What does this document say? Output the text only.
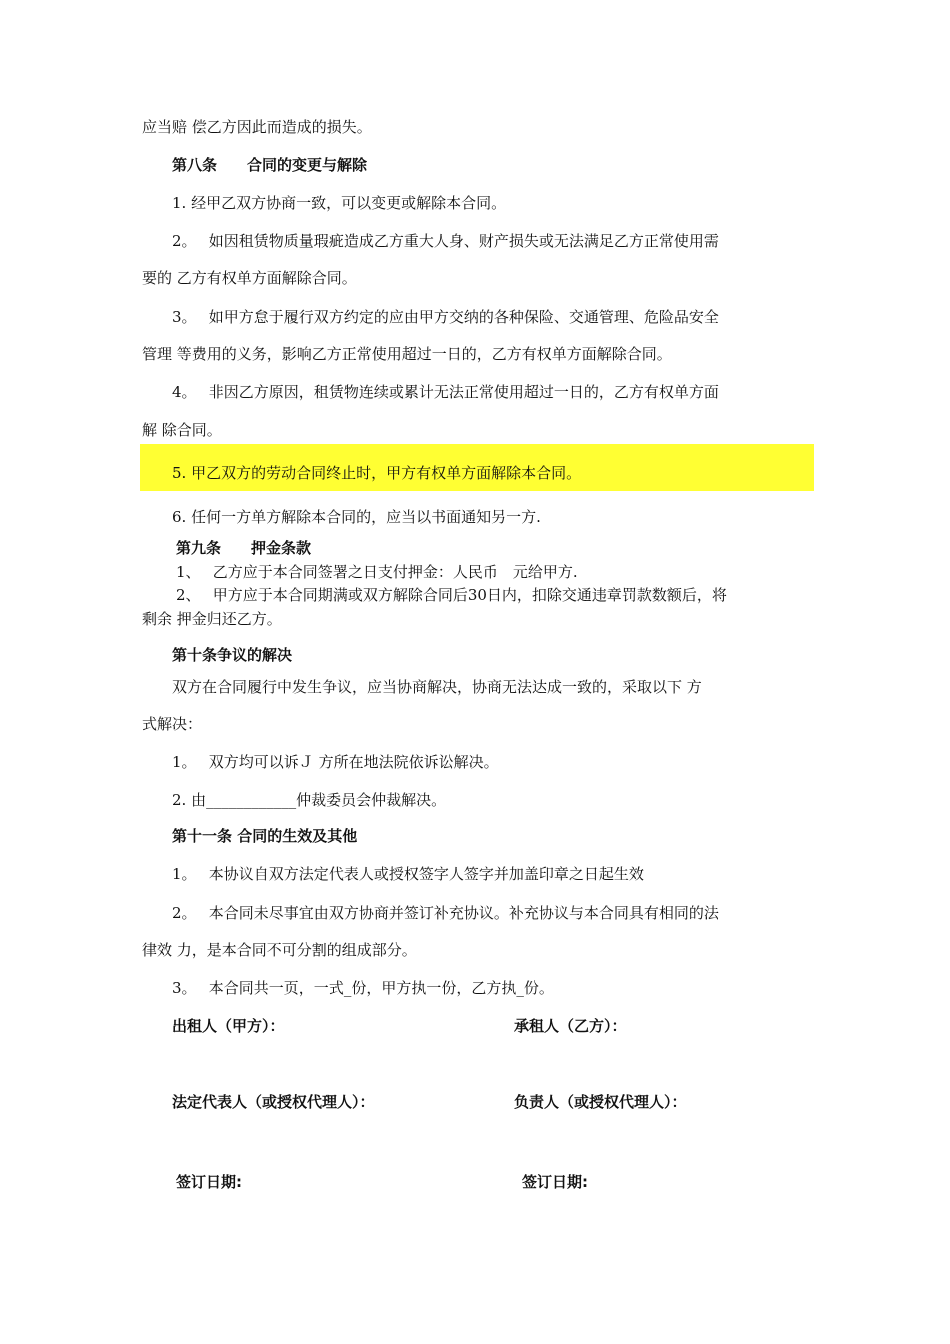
应当赔 偿乙方因此而造成的损失。
第八条　　合同的变更与解除
1. 经甲乙双方协商一致，可以变更或解除本合同。
2。　 如因租赁物质量瑕疵造成乙方重大人身、财产损失或无法满足乙方正常使用需
要的 乙方有权单方面解除合同。
3。　 如甲方怠于履行双方约定的应由甲方交纳的各种保险、交通管理、危险品安全
管理 等费用的义务，影响乙方正常使用超过一日的，乙方有权单方面解除合同。
4。　 非因乙方原因，租赁物连续或累计无法正常使用超过一日的，乙方有权单方面
解 除合同。
5. 甲乙双方的劳动合同终止时，甲方有权单方面解除本合同。
6. 任何一方单方解除本合同的，应当以书面通知另一方.
第九条　　押金条款
1、　 乙方应于本合同签署之日支付押金：人民币　元给甲方.
2、　 甲方应于本合同期满或双方解除合同后30日内，扣除交通违章罚款数额后，将
剩余 押金归还乙方。
第十条争议的解决
双方在合同履行中发生争议，应当协商解决，协商无法达成一致的，采取以下 方
式解决：
1。　 双方均可以诉Ｊ 方所在地法院依诉讼解决。
2. 由____________仲裁委员会仲裁解决。
第十一条 合同的生效及其他
1。　 本协议自双方法定代表人或授权签字人签字并加盖印章之日起生效
2。　 本合同未尽事宜由双方协商并签订补充协议。补充协议与本合同具有相同的法
律效 力，是本合同不可分割的组成部分。
3。　 本合同共一页，一式_份，甲方执一份，乙方执_份。
出租人（甲方）：	承租人（乙方）：
法定代表人（或授权代理人）：	负责人（或授权代理人）：
签订日期:	签订日期:
